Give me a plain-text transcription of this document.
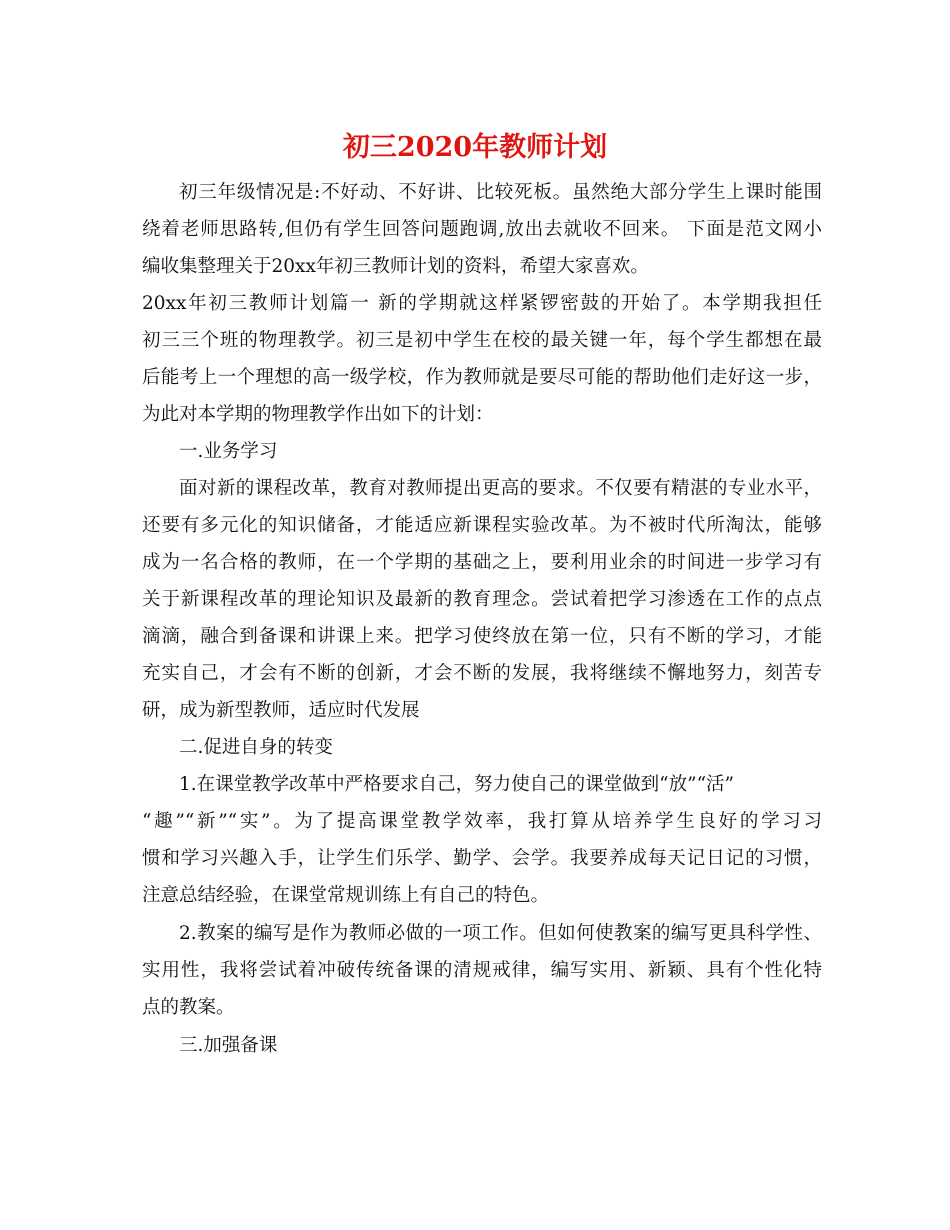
初三2020年教师计划
初三年级情况是:不好动、不好讲、比较死板。虽然绝大部分学生上课时能围
绕着老师思路转,但仍有学生回答问题跑调,放出去就收不回来。 下面是范文网小
编收集整理关于20xx年初三教师计划的资料，希望大家喜欢。
20xx年初三教师计划篇一 新的学期就这样紧锣密鼓的开始了。本学期我担任
初三三个班的物理教学。初三是初中学生在校的最关键一年，每个学生都想在最
后能考上一个理想的高一级学校，作为教师就是要尽可能的帮助他们走好这一步，
为此对本学期的物理教学作出如下的计划：
一.业务学习
面对新的课程改革，教育对教师提出更高的要求。不仅要有精湛的专业水平，
还要有多元化的知识储备，才能适应新课程实验改革。为不被时代所淘汰，能够
成为一名合格的教师，在一个学期的基础之上，要利用业余的时间进一步学习有
关于新课程改革的理论知识及最新的教育理念。尝试着把学习渗透在工作的点点
滴滴，融合到备课和讲课上来。把学习使终放在第一位，只有不断的学习，才能
充实自己，才会有不断的创新，才会不断的发展，我将继续不懈地努力，刻苦专
研，成为新型教师，适应时代发展
二.促进自身的转变
1.在课堂教学改革中严格要求自己，努力使自己的课堂做到“放”“活”
“趣”“新”“实”。为了提高课堂教学效率，我打算从培养学生良好的学习习
惯和学习兴趣入手，让学生们乐学、勤学、会学。我要养成每天记日记的习惯，
注意总结经验，在课堂常规训练上有自己的特色。
2.教案的编写是作为教师必做的一项工作。但如何使教案的编写更具科学性、
实用性，我将尝试着冲破传统备课的清规戒律，编写实用、新颖、具有个性化特
点的教案。
三.加强备课
